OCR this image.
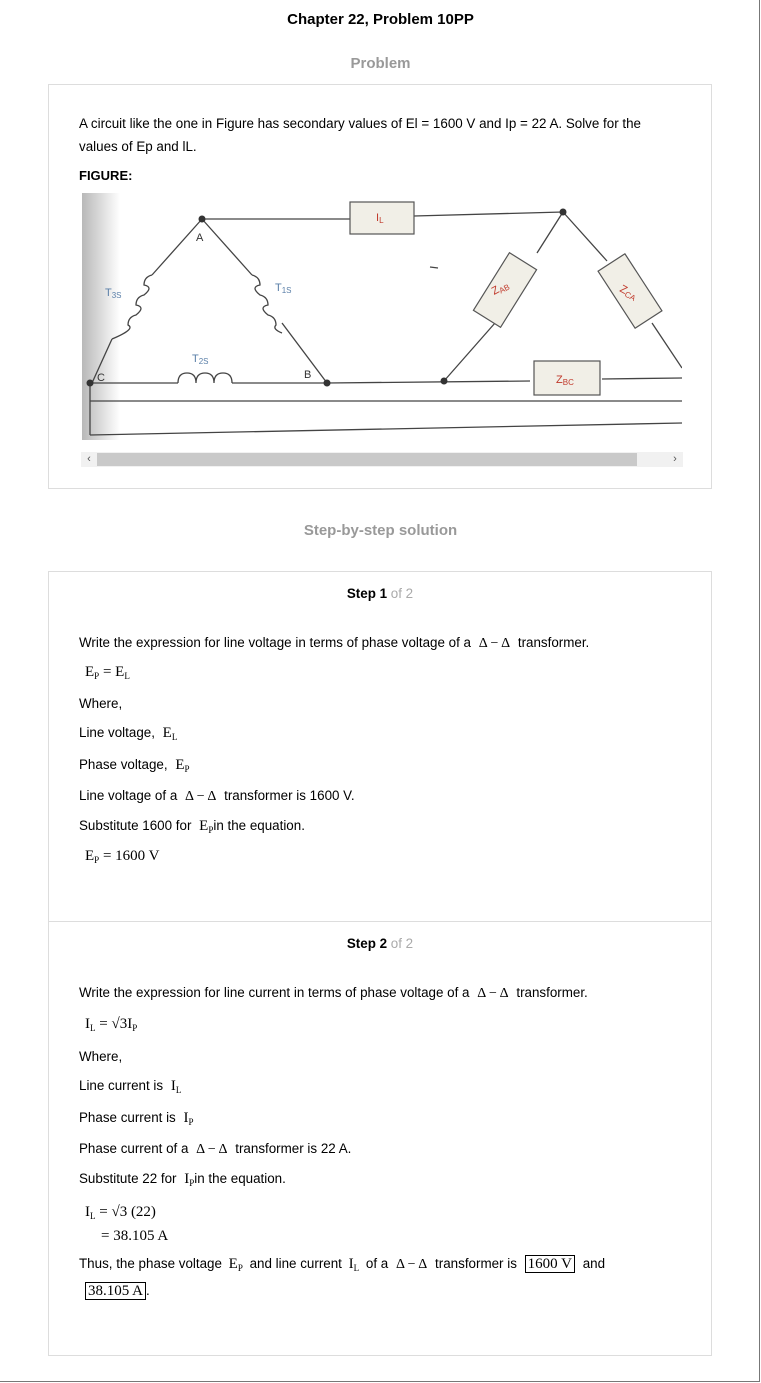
Chapter 22, Problem 10PP
Problem
A circuit like the one in Figure has secondary values of El = 1600 V and Ip = 22 A. Solve for the
values of Ep and lL.
FIGURE:
A
B
C
T3S
T1S
T2S
IL
ZBC
ZAB	ZCA
‹	›
Step-by-step solution
Step 1 of 2
Write the expression for line voltage in terms of phase voltage of a Δ − Δ transformer.
$E_P = E_L$
Where,
Line voltage, $E_L$
Phase voltage, $E_P$
Line voltage of a Δ − Δ transformer is 1600 V.
Substitute 1600 for $E_Pin$ the equation.
$E_P = 1600$ V
Step 2 of 2
Write the expression for line current in terms of phase voltage of a Δ − Δ transformer.
$I_L = √3I_P$
Where,
Line current is $I_L$
Phase current is $I_P$
Phase current of a Δ − Δ transformer is 22 A.
Substitute 22 for $I_Pin$ the equation.
$I_L = √3$ (22)
= 38.105 A
Thus, the phase voltage $E_P$ and line current $I_L$ of a Δ − Δ transformer is 1600 V and
38.105 A .
